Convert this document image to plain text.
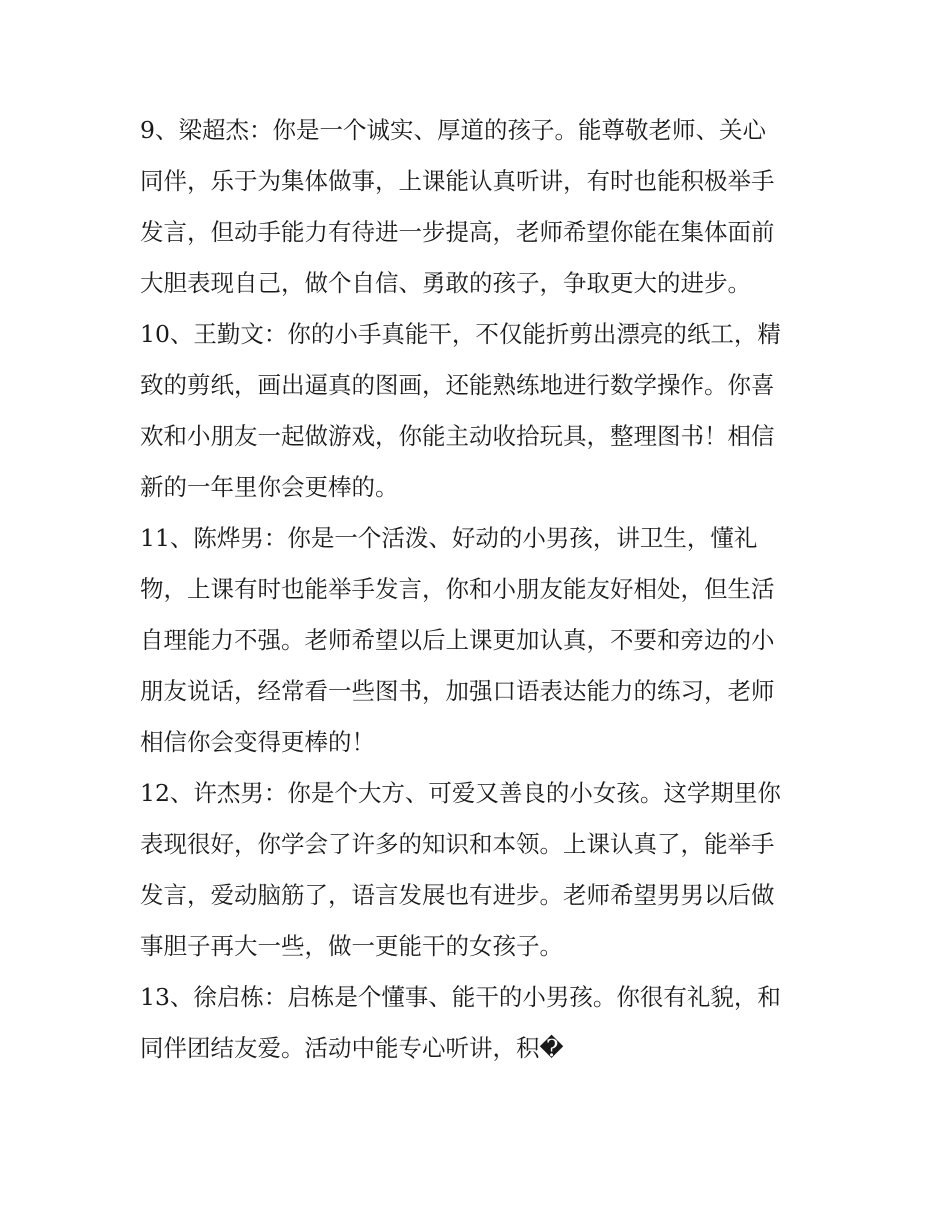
9、梁超杰：你是一个诚实、厚道的孩子。能尊敬老师、关心
同伴，乐于为集体做事，上课能认真听讲，有时也能积极举手
发言，但动手能力有待进一步提高，老师希望你能在集体面前
大胆表现自己，做个自信、勇敢的孩子，争取更大的进步。
10、王勤文：你的小手真能干，不仅能折剪出漂亮的纸工，精
致的剪纸，画出逼真的图画，还能熟练地进行数学操作。你喜
欢和小朋友一起做游戏，你能主动收拾玩具，整理图书！相信
新的一年里你会更棒的。
11、陈烨男：你是一个活泼、好动的小男孩，讲卫生，懂礼
物，上课有时也能举手发言，你和小朋友能友好相处，但生活
自理能力不强。老师希望以后上课更加认真，不要和旁边的小
朋友说话，经常看一些图书，加强口语表达能力的练习，老师
相信你会变得更棒的！
12、许杰男：你是个大方、可爱又善良的小女孩。这学期里你
表现很好，你学会了许多的知识和本领。上课认真了，能举手
发言，爱动脑筋了，语言发展也有进步。老师希望男男以后做
事胆子再大一些，做一更能干的女孩子。
13、徐启栋：启栋是个懂事、能干的小男孩。你很有礼貌，和
同伴团结友爱。活动中能专心听讲，积�
